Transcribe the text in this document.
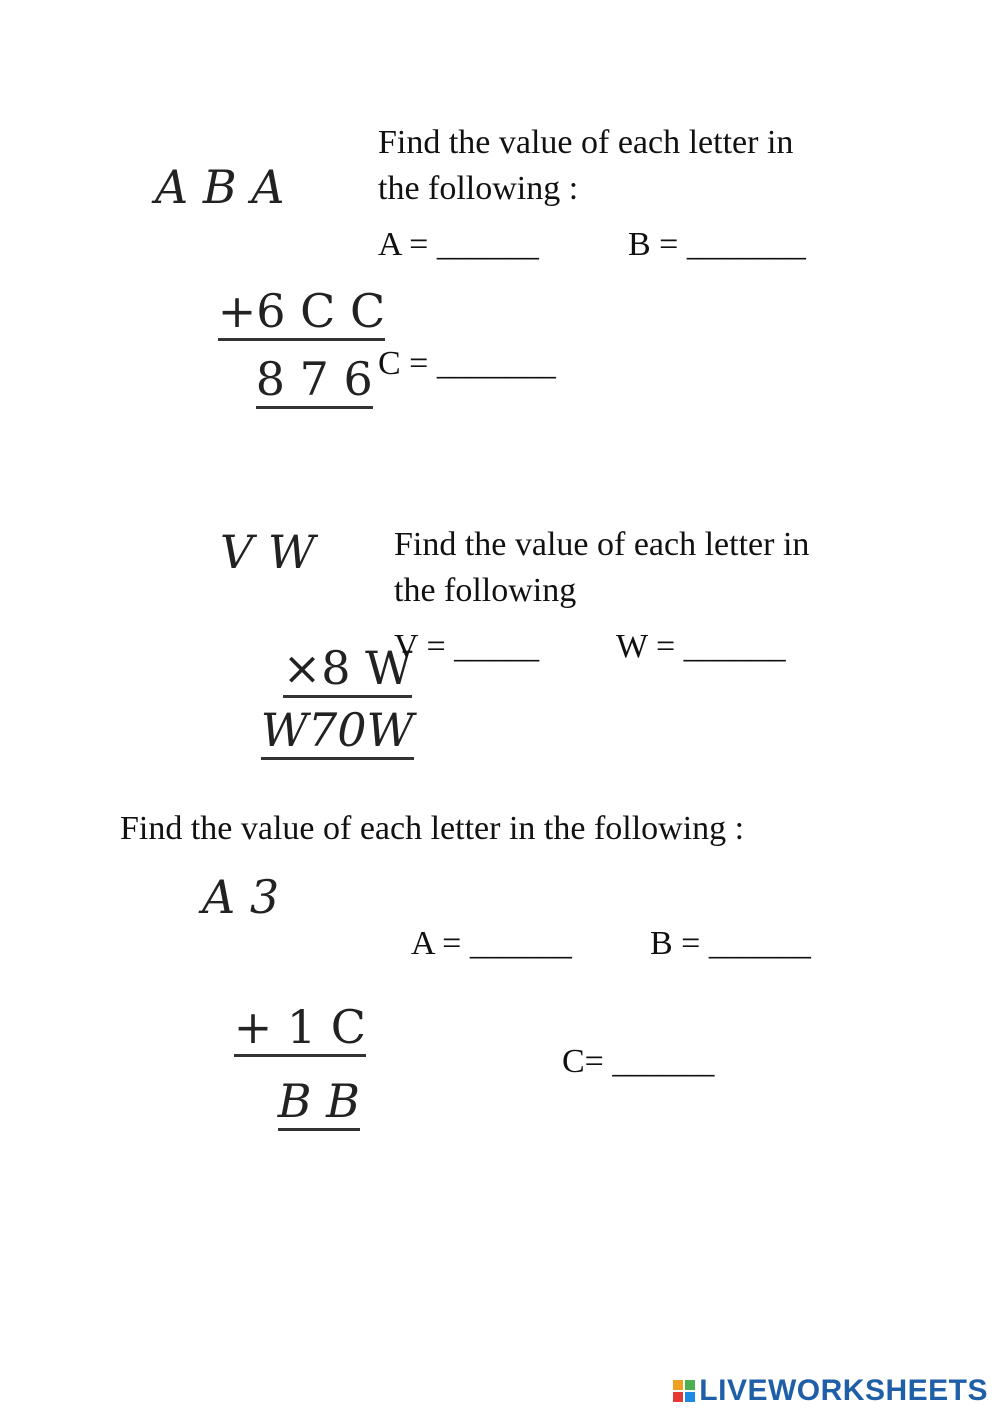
A B A

+6 C C

8 7 6

Find the value of each letter in
the following :
A = ______	B = _______
C = _______
V W

×8 W

W70W

Find the value of each letter in
the following
V = _____ W = ______
Find the value of each letter in the following :
A 3

+ 1 C

B B

A = ______ B = ______
C= ______
LIVEWORKSHEETS
